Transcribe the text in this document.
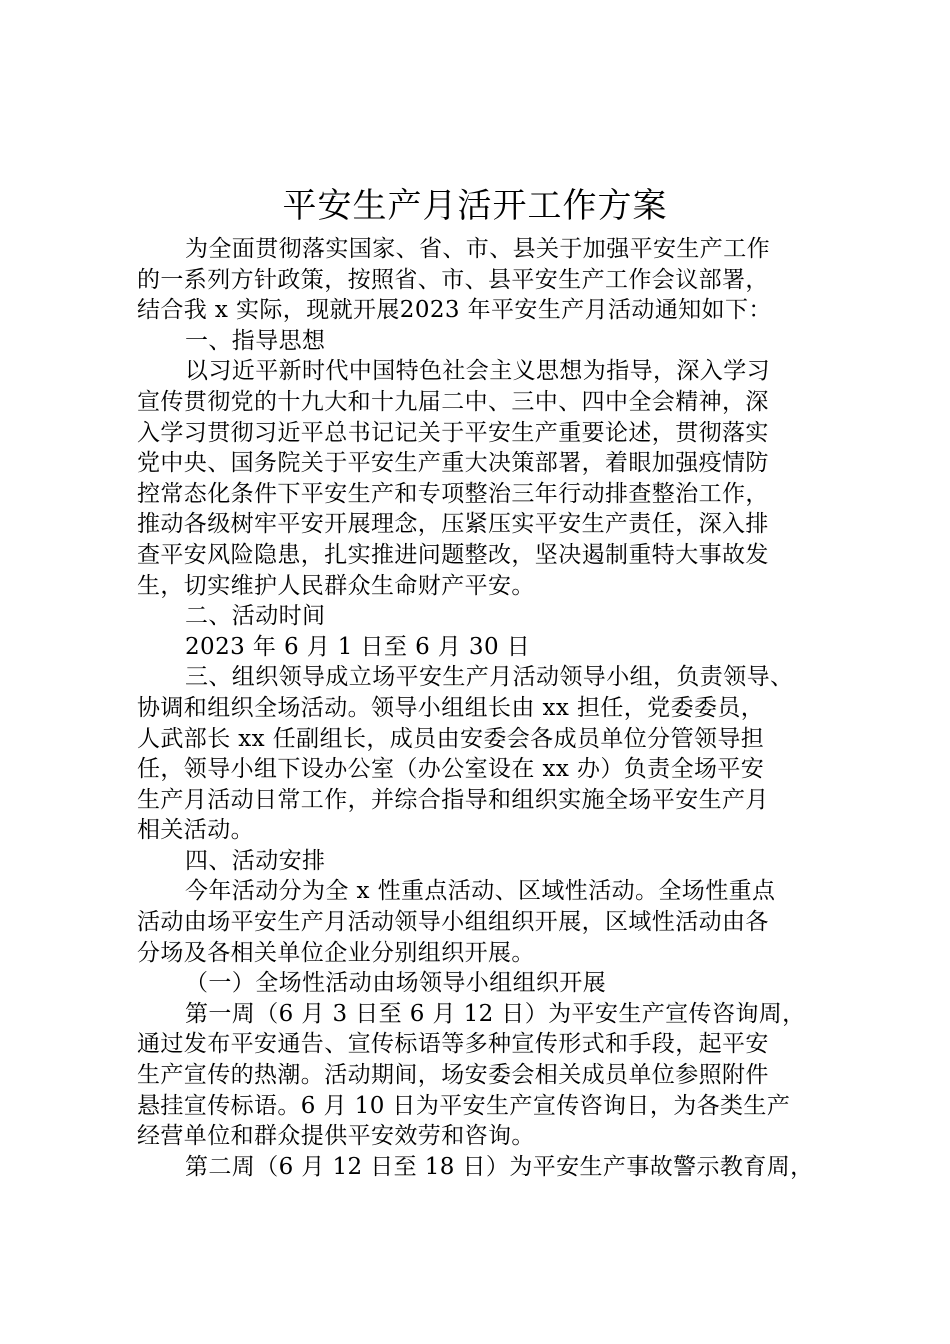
平安生产月活开工作方案
为全面贯彻落实国家、省、市、县关于加强平安生产工作
的一系列方针政策，按照省、市、县平安生产工作会议部署，
结合我 x 实际，现就开展2023 年平安生产月活动通知如下：
一、指导思想
以习近平新时代中国特色社会主义思想为指导，深入学习
宣传贯彻党的十九大和十九届二中、三中、四中全会精神，深
入学习贯彻习近平总书记记关于平安生产重要论述，贯彻落实
党中央、国务院关于平安生产重大决策部署，着眼加强疫情防
控常态化条件下平安生产和专项整治三年行动排查整治工作，
推动各级树牢平安开展理念，压紧压实平安生产责任，深入排
查平安风险隐患，扎实推进问题整改，坚决遏制重特大事故发
生，切实维护人民群众生命财产平安。
二、活动时间
2023 年 6 月 1 日至 6 月 30 日
三、组织领导成立场平安生产月活动领导小组，负责领导、
协调和组织全场活动。领导小组组长由 xx 担任，党委委员，
人武部长 xx 任副组长，成员由安委会各成员单位分管领导担
任，领导小组下设办公室（办公室设在 xx 办）负责全场平安
生产月活动日常工作，并综合指导和组织实施全场平安生产月
相关活动。
四、活动安排
今年活动分为全 x 性重点活动、区域性活动。全场性重点
活动由场平安生产月活动领导小组组织开展，区域性活动由各
分场及各相关单位企业分别组织开展。
（一）全场性活动由场领导小组组织开展
第一周（6 月 3 日至 6 月 12 日）为平安生产宣传咨询周，
通过发布平安通告、宣传标语等多种宣传形式和手段，起平安
生产宣传的热潮。活动期间，场安委会相关成员单位参照附件
悬挂宣传标语。6 月 10 日为平安生产宣传咨询日，为各类生产
经营单位和群众提供平安效劳和咨询。
第二周（6 月 12 日至 18 日）为平安生产事故警示教育周，
